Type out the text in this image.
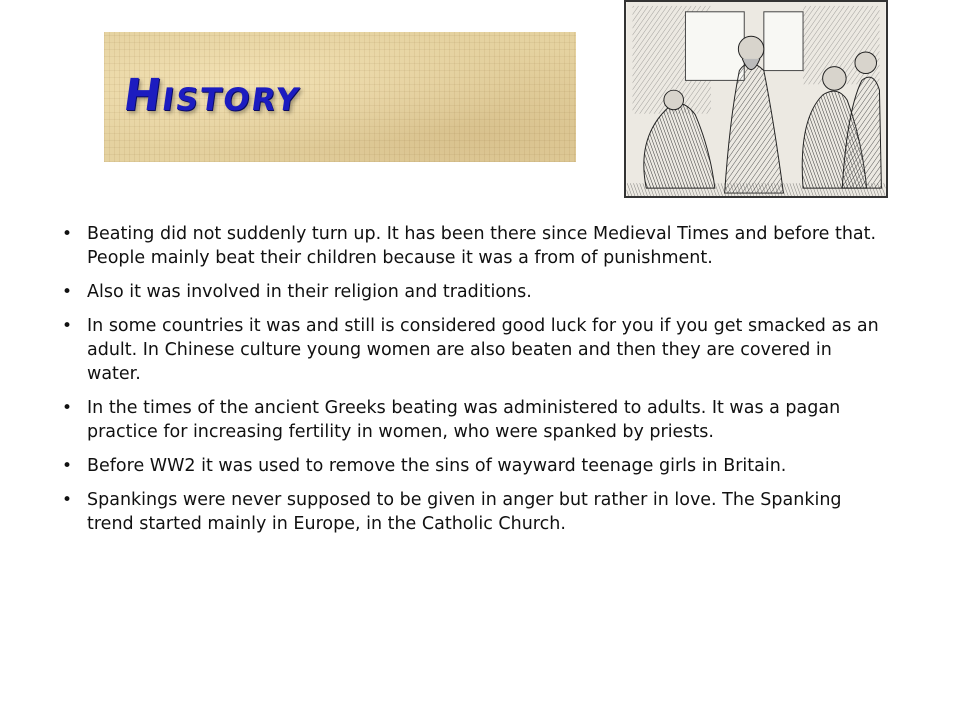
History
• Beating did not suddenly turn up. It has been there since Medieval Times and before that. People mainly beat their children because it was a from of punishment.
• Also it was involved in their religion and traditions.
• In some countries it was and still is considered good luck for you if you get smacked as an adult. In Chinese culture young women are also beaten and then they are covered in water.
• In the times of the ancient Greeks beating was administered to adults. It was a pagan practice for increasing fertility in women, who were spanked by priests.
• Before WW2 it was used to remove the sins of wayward teenage girls in Britain.
• Spankings were never supposed to be given in anger but rather in love. The Spanking trend started mainly in Europe, in the Catholic Church.
